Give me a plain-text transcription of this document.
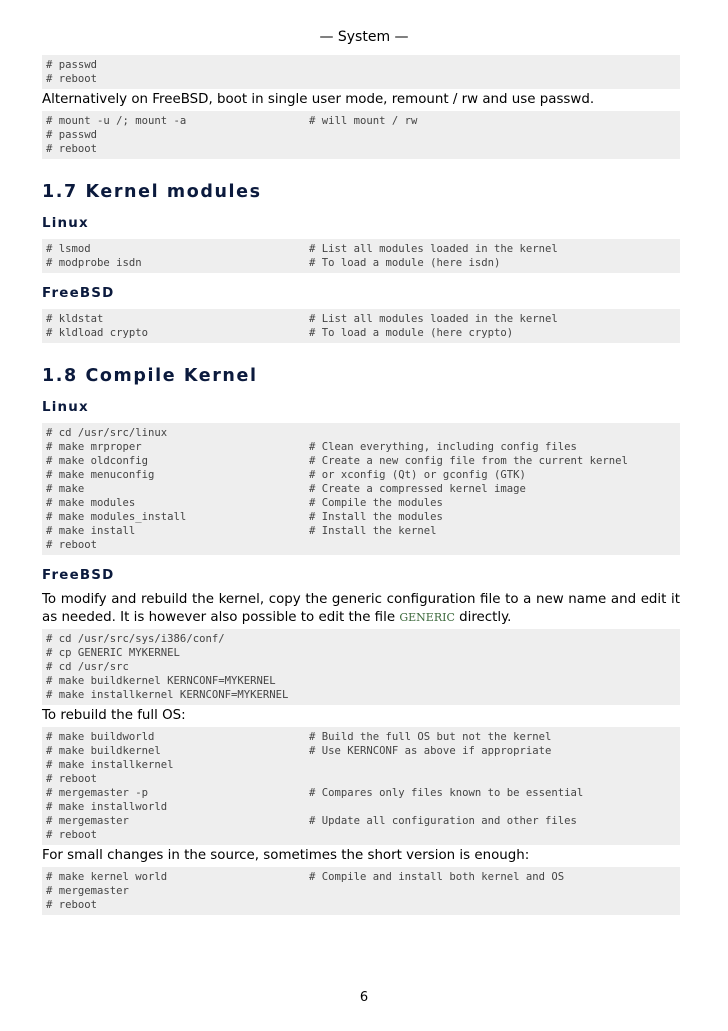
— System —
# passwd
# reboot
Alternatively on FreeBSD, boot in single user mode, remount / rw and use passwd.
# mount -u /; mount -a	# will mount / rw
# passwd
# reboot
1.7 Kernel modules
Linux
# lsmod	# List all modules loaded in the kernel
# modprobe isdn	# To load a module (here isdn)
FreeBSD
# kldstat	# List all modules loaded in the kernel
# kldload crypto	# To load a module (here crypto)
1.8 Compile Kernel
Linux
# cd /usr/src/linux
# make mrproper	# Clean everything, including config files
# make oldconfig	# Create a new config file from the current kernel
# make menuconfig	# or xconfig (Qt) or gconfig (GTK)
# make	# Create a compressed kernel image
# make modules	# Compile the modules
# make modules_install	# Install the modules
# make install	# Install the kernel
# reboot
FreeBSD
To modify and rebuild the kernel, copy the generic configuration file to a new name and edit it as needed. It is however also possible to edit the file GENERIC directly.
# cd /usr/src/sys/i386/conf/
# cp GENERIC MYKERNEL
# cd /usr/src
# make buildkernel KERNCONF=MYKERNEL
# make installkernel KERNCONF=MYKERNEL
To rebuild the full OS:
# make buildworld	# Build the full OS but not the kernel
# make buildkernel	# Use KERNCONF as above if appropriate
# make installkernel
# reboot
# mergemaster -p	# Compares only files known to be essential
# make installworld
# mergemaster	# Update all configuration and other files
# reboot
For small changes in the source, sometimes the short version is enough:
# make kernel world	# Compile and install both kernel and OS
# mergemaster
# reboot
6
